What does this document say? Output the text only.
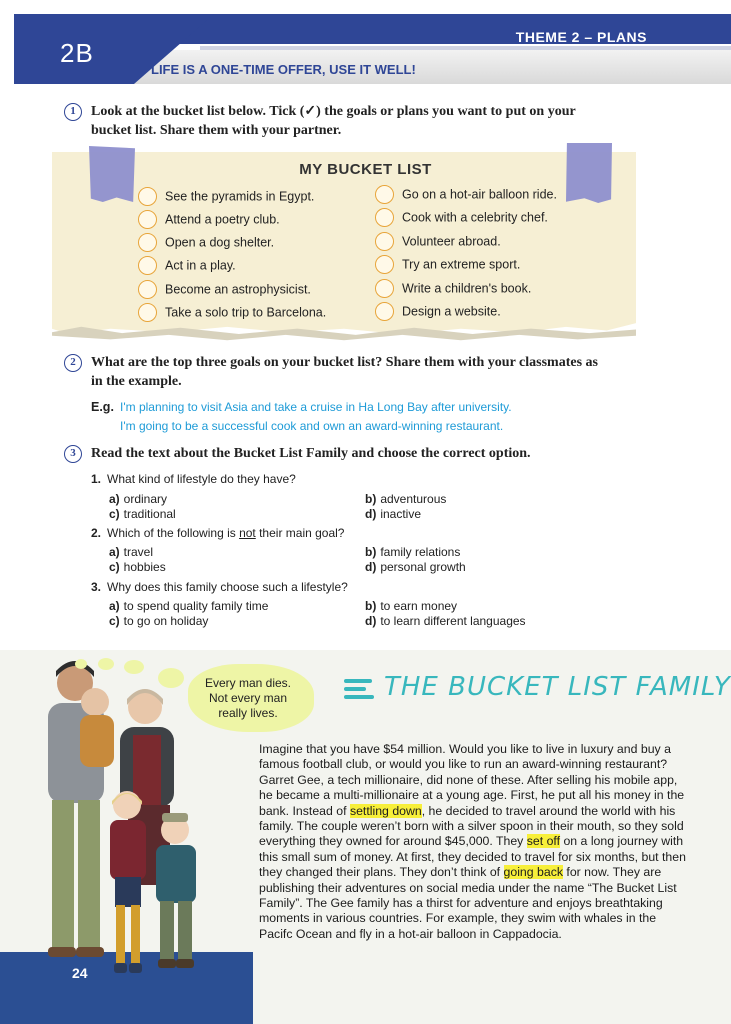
2B
THEME 2 – PLANS
LIFE IS A ONE-TIME OFFER, USE IT WELL!
1	Look at the bucket list below. Tick (✓) the goals or plans you want to put on your
bucket list. Share them with your partner.
MY BUCKET LIST
See the pyramids in Egypt.
Attend a poetry club.
Open a dog shelter.
Act in a play.
Become an astrophysicist.
Take a solo trip to Barcelona.
Go on a hot-air balloon ride.
Cook with a celebrity chef.
Volunteer abroad.
Try an extreme sport.
Write a children's book.
Design a website.
2	What are the top three goals on your bucket list? Share them with your classmates as
in the example.
E.g. I'm planning to visit Asia and take a cruise in Ha Long Bay after university.
I'm going to be a successful cook and own an award-winning restaurant.
3	Read the text about the Bucket List Family and choose the correct option.
1. What kind of lifestyle do they have?
a) ordinary	b) adventurous
c) traditional	d) inactive
2. Which of the following is not their main goal?
a) travel	b) family relations
c) hobbies	d) personal growth
3. Why does this family choose such a lifestyle?
a) to spend quality family time	b) to earn money
c) to go on holiday	d) to learn different languages
Every man dies.
Not every man
really lives.
THE BUCKET LIST FAMILY
Imagine that you have $54 million. Would you like to live in luxury and buy a famous football club, or would you like to run an award-winning restaurant? Garret Gee, a tech millionaire, did none of these. After selling his mobile app, he became a multi-millionaire at a young age. First, he put all his money in the bank. Instead of settling down, he decided to travel around the world with his family. The couple weren’t born with a silver spoon in their mouth, so they sold everything they owned for around $45,000. They set off on a long journey with this small sum of money. At first, they decided to travel for six months, but then they changed their plans. They don’t think of going back for now. They are publishing their adventures on social media under the name “The Bucket List Family”. The Gee family has a thirst for adventure and enjoys breathtaking moments in various countries. For example, they swim with whales in the Pacifc Ocean and fly in a hot-air balloon in Cappadocia.
24
